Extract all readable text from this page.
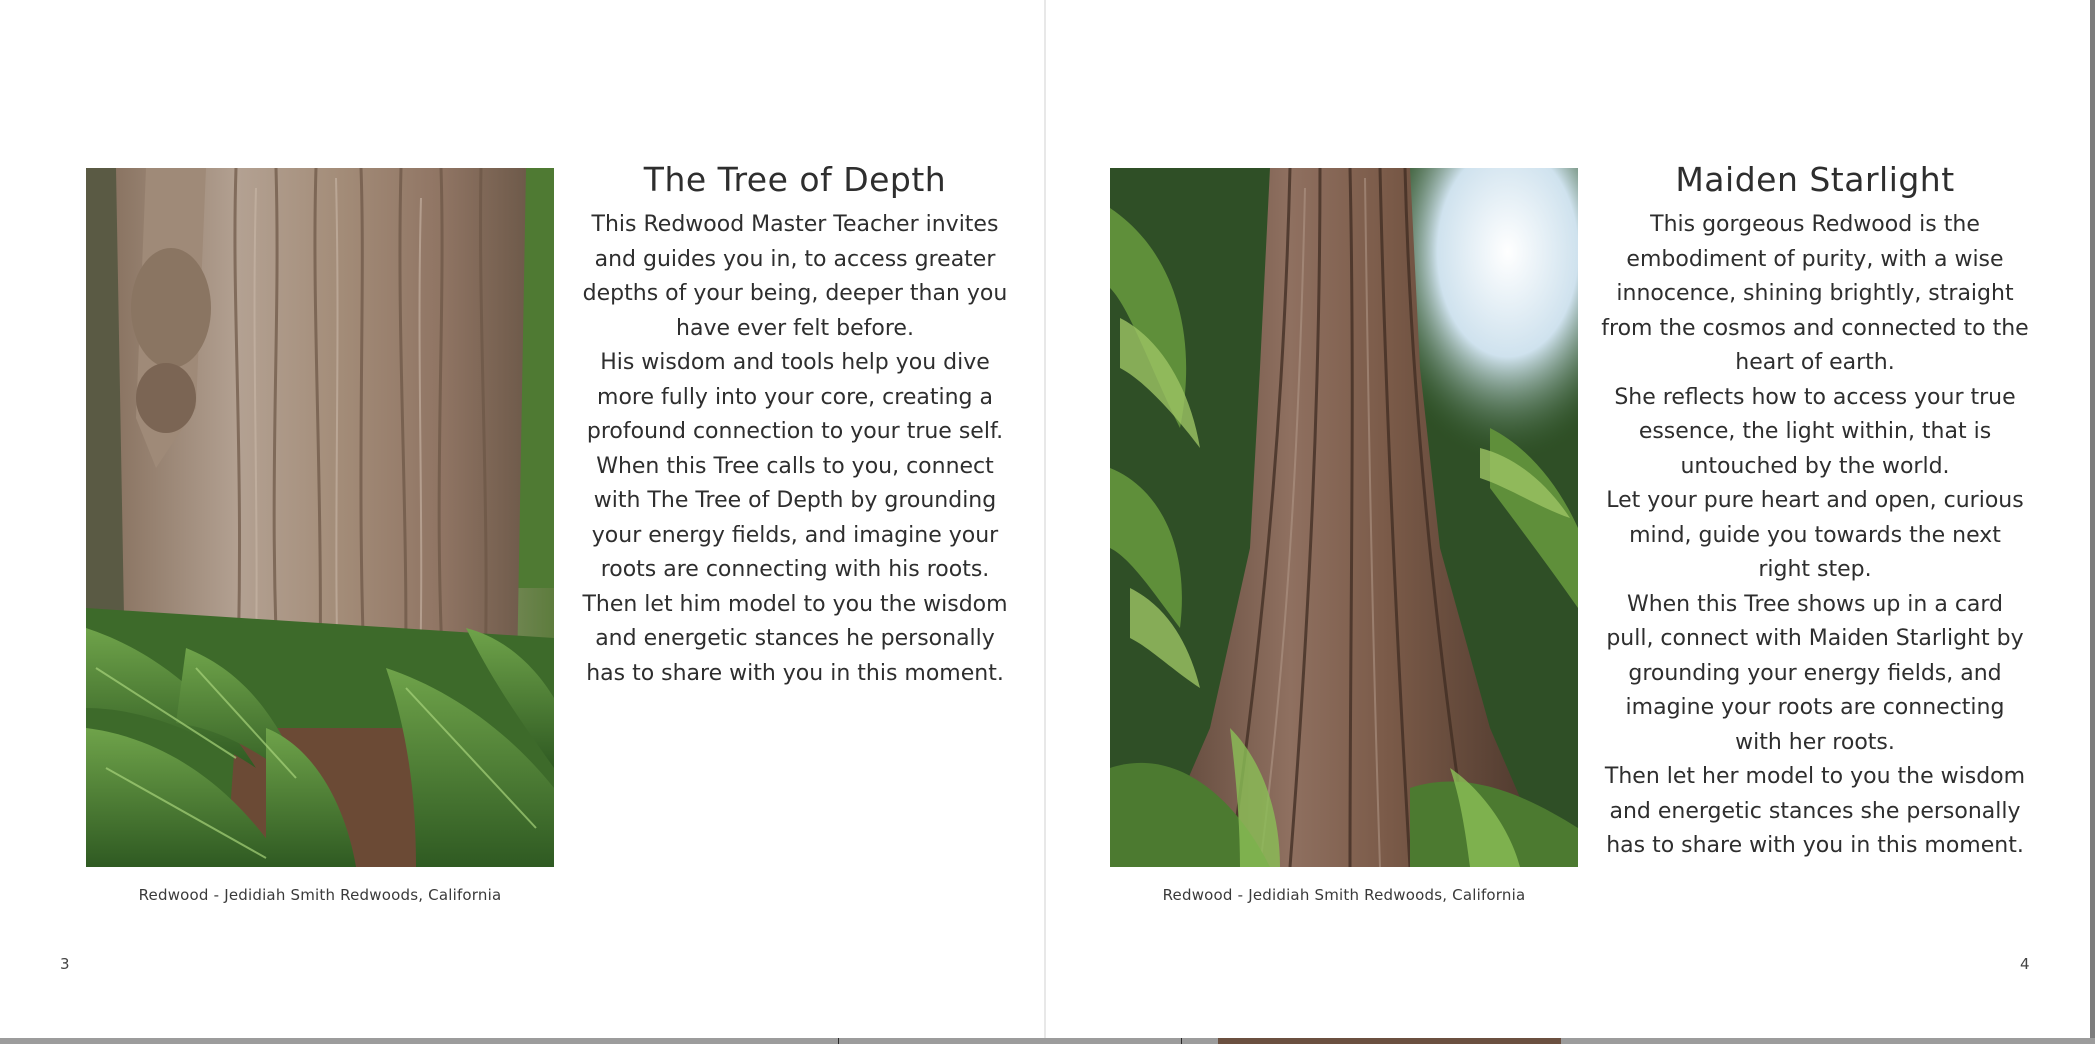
Redwood - Jedidiah Smith Redwoods, California
The Tree of Depth

This Redwood Master Teacher invites and guides you in, to access greater depths of your being, deeper than you have ever felt before.

His wisdom and tools help you dive more fully into your core, creating a profound connection to your true self.

When this Tree calls to you, connect with The Tree of Depth by grounding your energy fields, and imagine your roots are connecting with his roots.

Then let him model to you the wisdom and energetic stances he personally has to share with you in this moment.

3
Redwood - Jedidiah Smith Redwoods, California
Maiden Starlight

This gorgeous Redwood is the embodiment of purity, with a wise innocence, shining brightly, straight from the cosmos and connected to the heart of earth.

She reflects how to access your true essence, the light within, that is untouched by the world.

Let your pure heart and open, curious mind, guide you towards the next right step.

When this Tree shows up in a card pull, connect with Maiden Starlight by grounding your energy fields, and imagine your roots are connecting with her roots.

Then let her model to you the wisdom and energetic stances she personally has to share with you in this moment.

4
